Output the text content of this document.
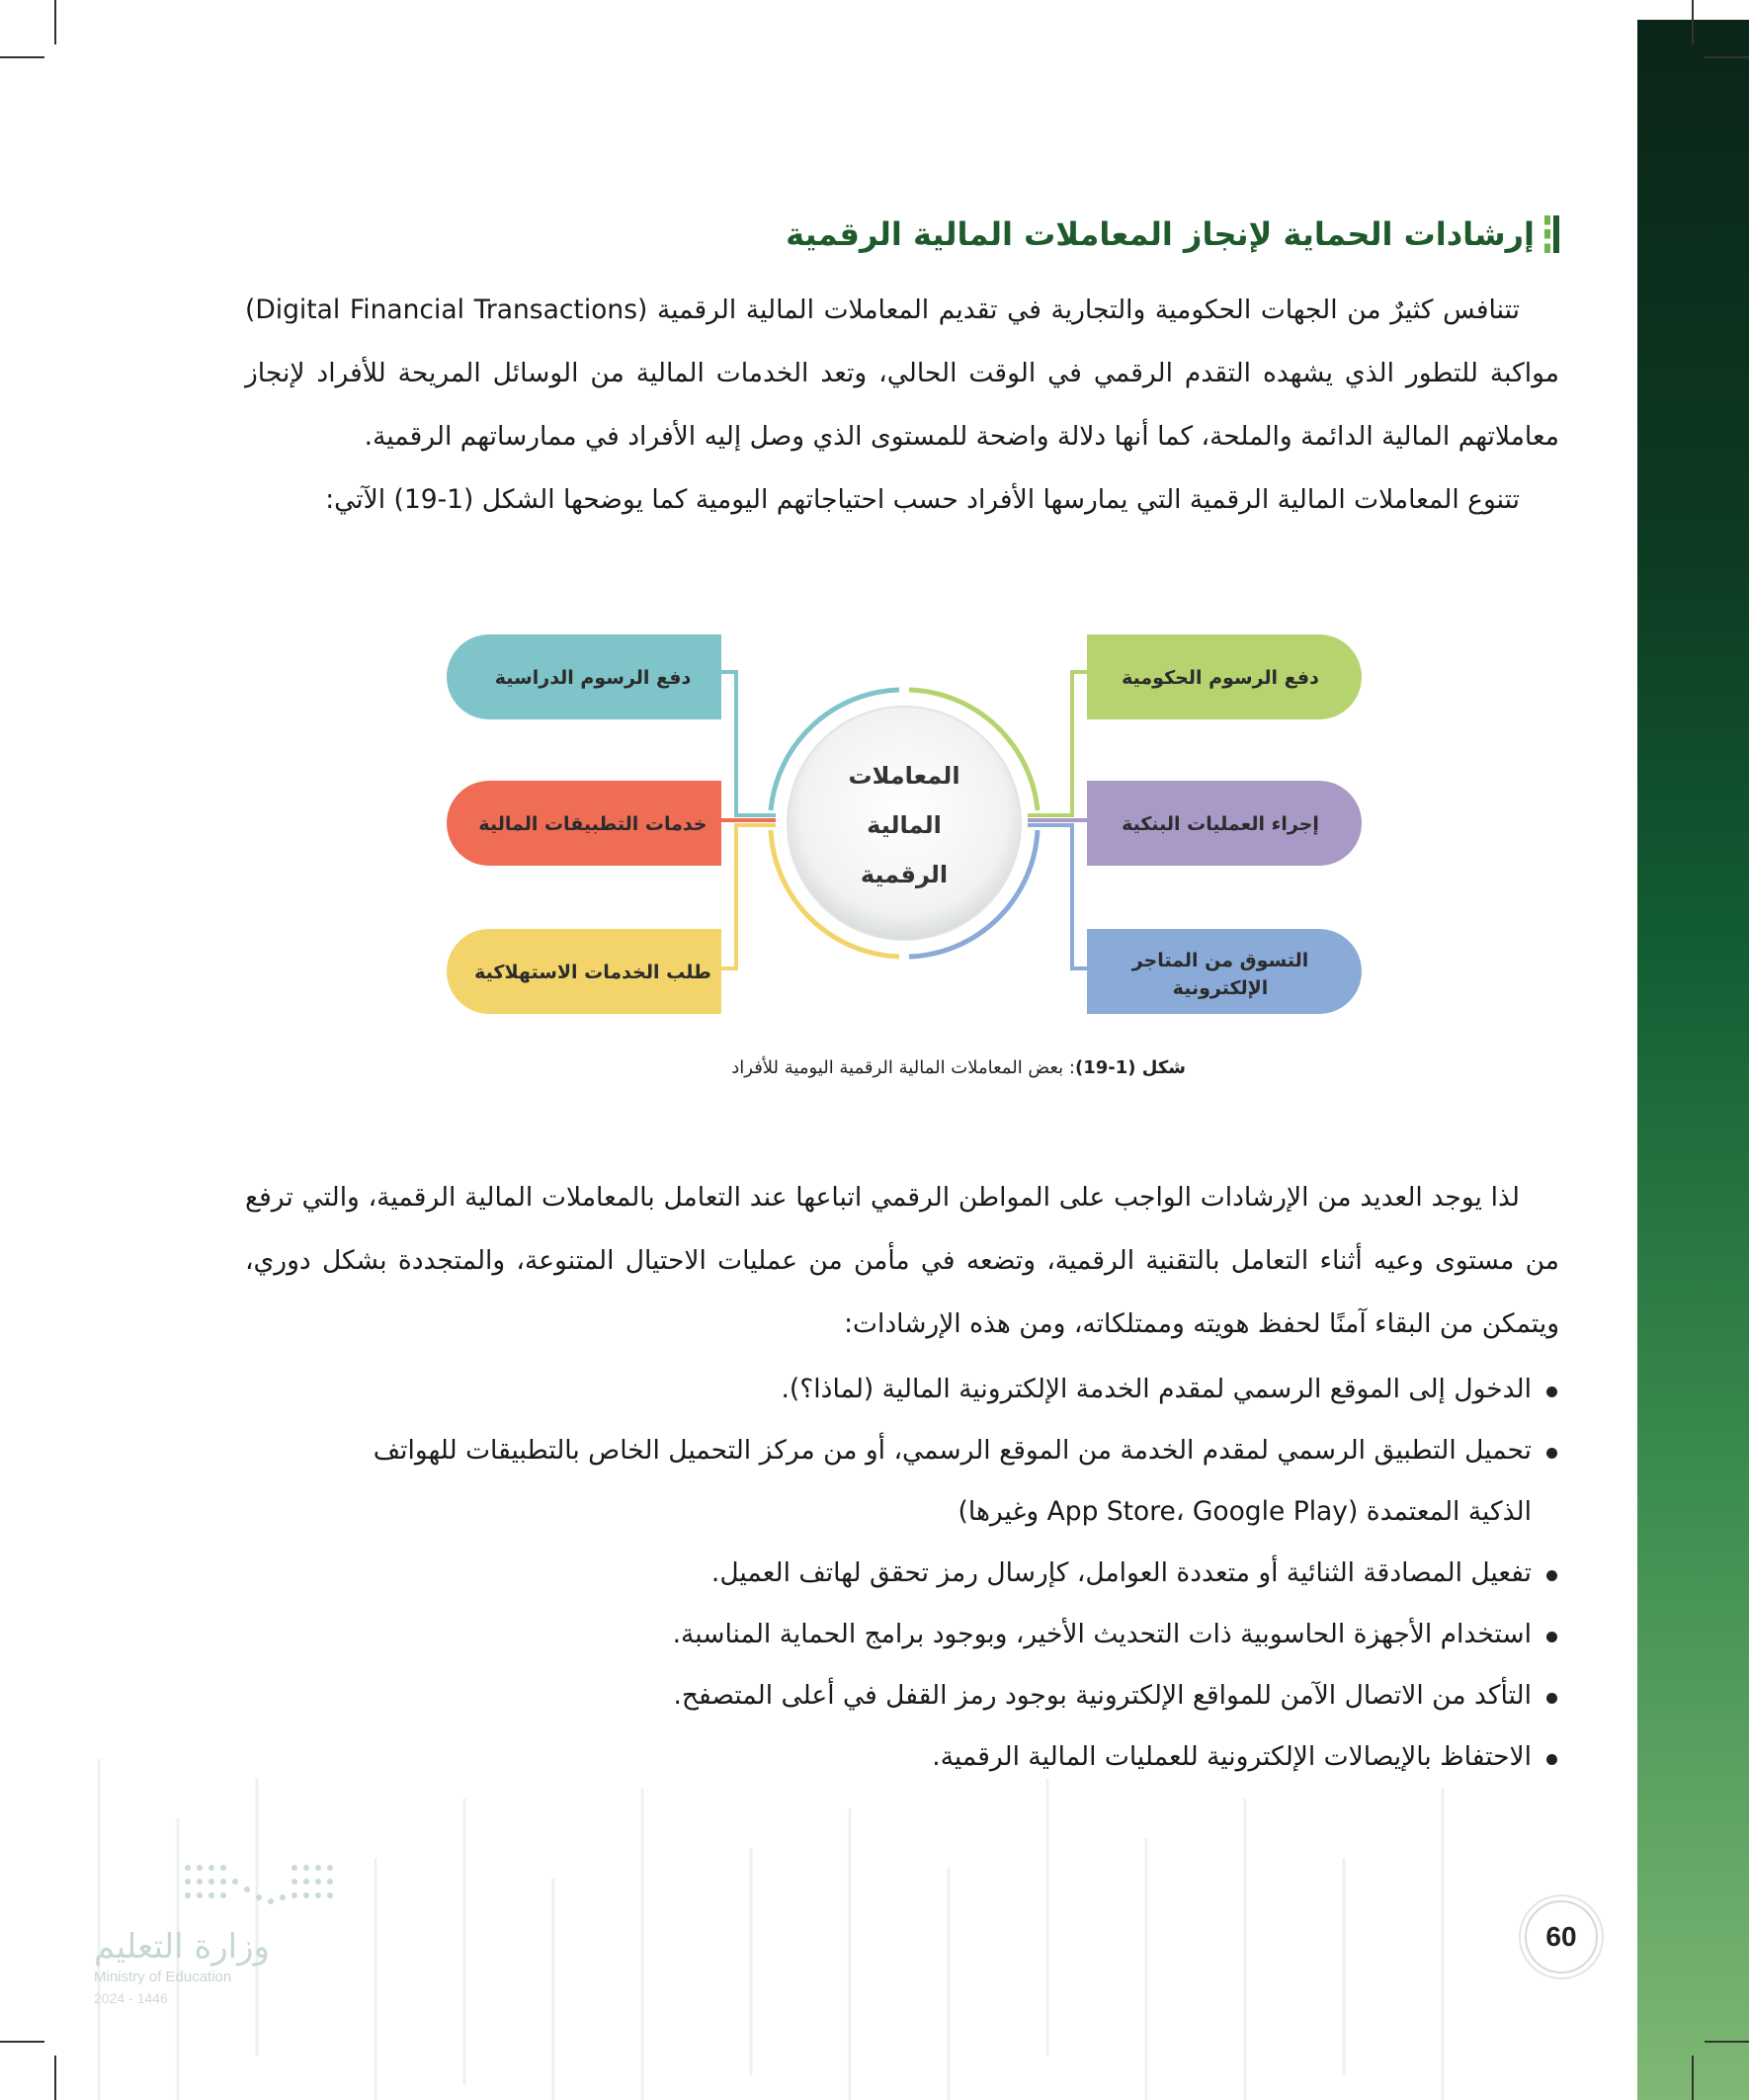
إرشادات الحماية لإنجاز المعاملات المالية الرقمية

تتنافس كثيرٌ من الجهات الحكومية والتجارية في تقديم المعاملات المالية الرقمية (Digital Financial Transactions) مواكبة للتطور الذي يشهده التقدم الرقمي في الوقت الحالي، وتعد الخدمات المالية من الوسائل المريحة للأفراد لإنجاز معاملاتهم المالية الدائمة والملحة، كما أنها دلالة واضحة للمستوى الذي وصل إليه الأفراد في ممارساتهم الرقمية.

تتنوع المعاملات المالية الرقمية التي يمارسها الأفراد حسب احتياجاتهم اليومية كما يوضحها الشكل (1-19) الآتي:

المعاملات
المالية
الرقمية
دفع الرسوم الحكومية
إجراء العمليات البنكية
التسوق من المتاجر
الإلكترونية
دفع الرسوم الدراسية
خدمات التطبيقات المالية
طلب الخدمات الاستهلاكية
شكل (1-19): بعض المعاملات المالية الرقمية اليومية للأفراد

لذا يوجد العديد من الإرشادات الواجب على المواطن الرقمي اتباعها عند التعامل بالمعاملات المالية الرقمية، والتي ترفع من مستوى وعيه أثناء التعامل بالتقنية الرقمية، وتضعه في مأمن من عمليات الاحتيال المتنوعة، والمتجددة بشكل دوري، ويتمكن من البقاء آمنًا لحفظ هويته وممتلكاته، ومن هذه الإرشادات:

الدخول إلى الموقع الرسمي لمقدم الخدمة الإلكترونية المالية (لماذا؟).
تحميل التطبيق الرسمي لمقدم الخدمة من الموقع الرسمي، أو من مركز التحميل الخاص بالتطبيقات للهواتف
الذكية المعتمدة (App Store، Google Play وغيرها)
تفعيل المصادقة الثنائية أو متعددة العوامل، كإرسال رمز تحقق لهاتف العميل.
استخدام الأجهزة الحاسوبية ذات التحديث الأخير، وبوجود برامج الحماية المناسبة.
التأكد من الاتصال الآمن للمواقع الإلكترونية بوجود رمز القفل في أعلى المتصفح.
الاحتفاظ بالإيصالات الإلكترونية للعمليات المالية الرقمية.
وزارة التعليم
Ministry of Education
2024 - 1446
60
